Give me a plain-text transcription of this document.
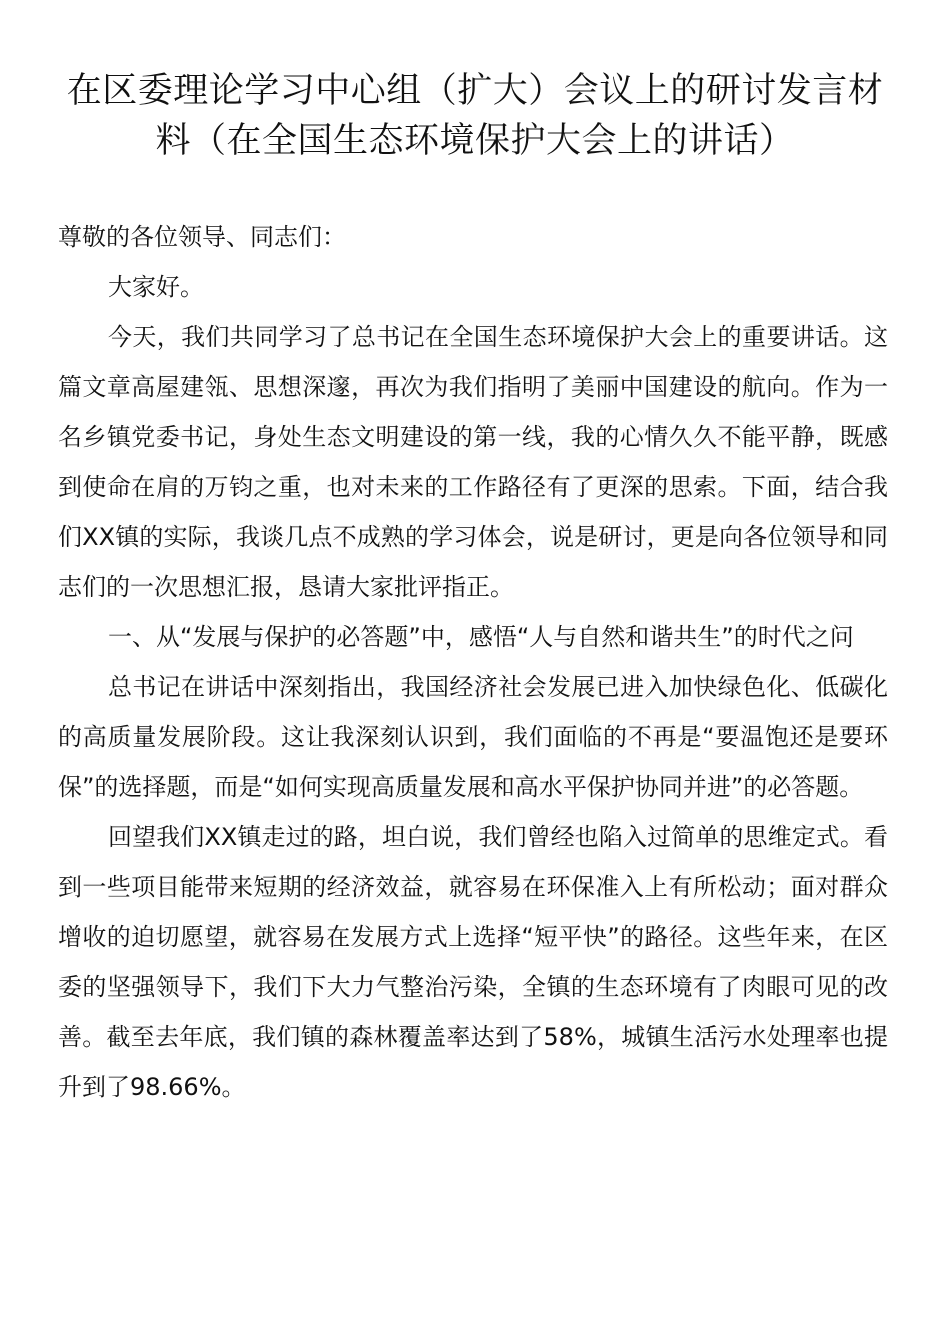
在区委理论学习中心组（扩大）会议上的研讨发言材料（在全国生态环境保护大会上的讲话）

尊敬的各位领导、同志们：

大家好。

今天，我们共同学习了总书记在全国生态环境保护大会上的重要讲话。这篇文章高屋建瓴、思想深邃，再次为我们指明了美丽中国建设的航向。作为一名乡镇党委书记，身处生态文明建设的第一线，我的心情久久不能平静，既感到使命在肩的万钧之重，也对未来的工作路径有了更深的思索。下面，结合我们XX镇的实际，我谈几点不成熟的学习体会，说是研讨，更是向各位领导和同志们的一次思想汇报，恳请大家批评指正。

一、从“发展与保护的必答题”中，感悟“人与自然和谐共生”的时代之问

总书记在讲话中深刻指出，我国经济社会发展已进入加快绿色化、低碳化的高质量发展阶段。这让我深刻认识到，我们面临的不再是“要温饱还是要环保”的选择题，而是“如何实现高质量发展和高水平保护协同并进”的必答题。

回望我们XX镇走过的路，坦白说，我们曾经也陷入过简单的思维定式。看到一些项目能带来短期的经济效益，就容易在环保准入上有所松动；面对群众增收的迫切愿望，就容易在发展方式上选择“短平快”的路径。这些年来，在区委的坚强领导下，我们下大力气整治污染，全镇的生态环境有了肉眼可见的改善。截至去年底，我们镇的森林覆盖率达到了58%，城镇生活污水处理率也提升到了98.66%。
